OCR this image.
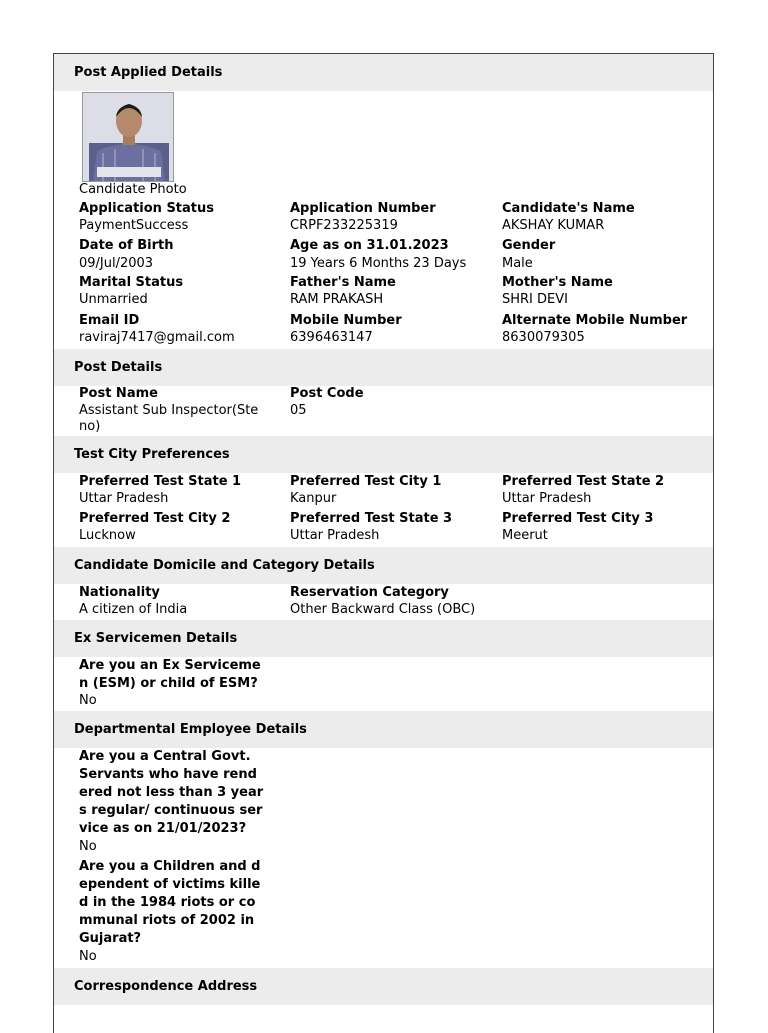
Post Applied Details
Candidate Photo
Application Status
PaymentSuccess
Application Number
CRPF233225319
Candidate's Name
AKSHAY KUMAR
Date of Birth
09/Jul/2003
Age as on 31.01.2023
19 Years 6 Months 23 Days
Gender
Male
Marital Status
Unmarried
Father's Name
RAM PRAKASH
Mother's Name
SHRI DEVI
Email ID
raviraj7417@gmail.com
Mobile Number
6396463147
Alternate Mobile Number
8630079305
Post Details
Post Name
Assistant Sub Inspector(Steno)
Post Code
05
Test City Preferences
Preferred Test State 1
Uttar Pradesh
Preferred Test City 1
Kanpur
Preferred Test State 2
Uttar Pradesh
Preferred Test City 2
Lucknow
Preferred Test State 3
Uttar Pradesh
Preferred Test City 3
Meerut
Candidate Domicile and Category Details
Nationality
A citizen of India
Reservation Category
Other Backward Class (OBC)
Ex Servicemen Details
Are you an Ex Servicemen (ESM) or child of ESM?
No
Departmental Employee Details
Are you a Central Govt. Servants who have rendered not less than 3 years regular/ continuous service as on 21/01/2023?
No
Are you a Children and dependent of victims killed in the 1984 riots or communal riots of 2002 in Gujarat?
No
Correspondence Address
